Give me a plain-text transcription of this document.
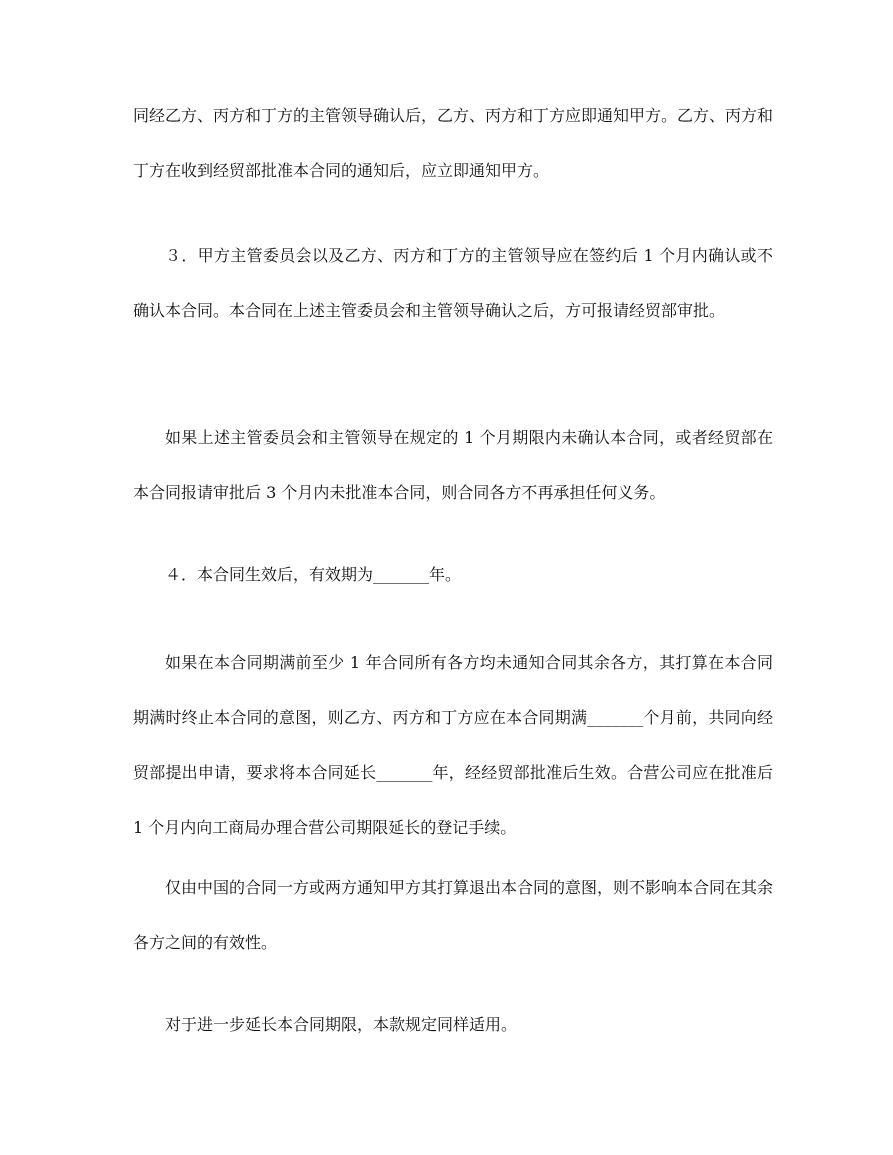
同经乙方、丙方和丁方的主管领导确认后，乙方、丙方和丁方应即通知甲方。乙方、丙方和丁方在收到经贸部批准本合同的通知后，应立即通知甲方。

３．甲方主管委员会以及乙方、丙方和丁方的主管领导应在签约后 1 个月内确认或不确认本合同。本合同在上述主管委员会和主管领导确认之后，方可报请经贸部审批。

如果上述主管委员会和主管领导在规定的 1 个月期限内未确认本合同，或者经贸部在本合同报请审批后 3 个月内未批准本合同，则合同各方不再承担任何义务。

４．本合同生效后，有效期为_______年。

如果在本合同期满前至少 1 年合同所有各方均未通知合同其余各方，其打算在本合同期满时终止本合同的意图，则乙方、丙方和丁方应在本合同期满_______个月前，共同向经贸部提出申请，要求将本合同延长_______年，经经贸部批准后生效。合营公司应在批准后 1 个月内向工商局办理合营公司期限延长的登记手续。

仅由中国的合同一方或两方通知甲方其打算退出本合同的意图，则不影响本合同在其余各方之间的有效性。

对于进一步延长本合同期限，本款规定同样适用。
